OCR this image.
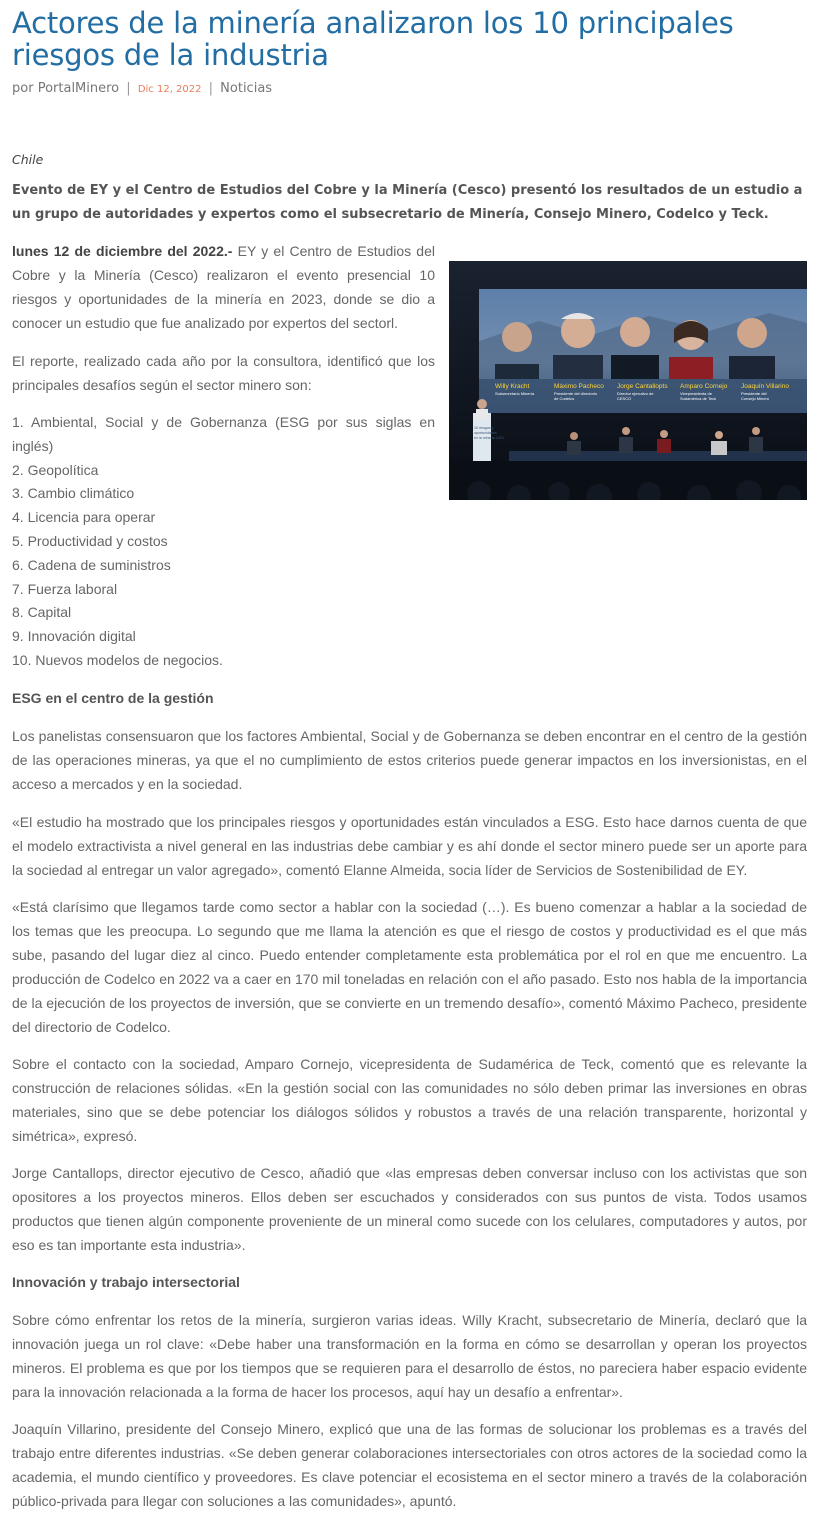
Actores de la minería analizaron los 10 principales riesgos de la industria
por PortalMinero | Dic 12, 2022 | Noticias
Chile

Evento de EY y el Centro de Estudios del Cobre y la Minería (Cesco) presentó los resultados de un estudio a un grupo de autoridades y expertos como el subsecretario de Minería, Consejo Minero, Codelco y Teck.

lunes 12 de diciembre del 2022.- EY y el Centro de Estudios del Cobre y la Minería (Cesco) realizaron el evento presencial 10 riesgos y oportunidades de la minería en 2023, donde se dio a conocer un estudio que fue analizado por expertos del sectorl.

El reporte, realizado cada año por la consultora, identificó que los principales desafíos según el sector minero son:

1. Ambiental, Social y de Gobernanza (ESG por sus siglas en inglés)
2. Geopolítica
3. Cambio climático
4. Licencia para operar
5. Productividad y costos
6. Cadena de suministros
7. Fuerza laboral
8. Capital
9. Innovación digital
10. Nuevos modelos de negocios.
Willy Kracht
Subsecretario Minería
Máximo Pacheco
Presidente del directorio
de Codelco
Jorge Cantallopts
Director ejecutivo de
CESCO
Amparo Cornejo
Vicepresidenta de
Sudamérica de Teck
Joaquín Villarino
Presidente del
Consejo Minero
10 riesgos y
oportunidades
en la minería 2023
ESG en el centro de la gestión

Los panelistas consensuaron que los factores Ambiental, Social y de Gobernanza se deben encontrar en el centro de la gestión de las operaciones mineras, ya que el no cumplimiento de estos criterios puede generar impactos en los inversionistas, en el acceso a mercados y en la sociedad.

«El estudio ha mostrado que los principales riesgos y oportunidades están vinculados a ESG. Esto hace darnos cuenta de que el modelo extractivista a nivel general en las industrias debe cambiar y es ahí donde el sector minero puede ser un aporte para la sociedad al entregar un valor agregado», comentó Elanne Almeida, socia líder de Servicios de Sostenibilidad de EY.

«Está clarísimo que llegamos tarde como sector a hablar con la sociedad (…). Es bueno comenzar a hablar a la sociedad de los temas que les preocupa. Lo segundo que me llama la atención es que el riesgo de costos y productividad es el que más sube, pasando del lugar diez al cinco. Puedo entender completamente esta problemática por el rol en que me encuentro. La producción de Codelco en 2022 va a caer en 170 mil toneladas en relación con el año pasado. Esto nos habla de la importancia de la ejecución de los proyectos de inversión, que se convierte en un tremendo desafío», comentó Máximo Pacheco, presidente del directorio de Codelco.

Sobre el contacto con la sociedad, Amparo Cornejo, vicepresidenta de Sudamérica de Teck, comentó que es relevante la construcción de relaciones sólidas. «En la gestión social con las comunidades no sólo deben primar las inversiones en obras materiales, sino que se debe potenciar los diálogos sólidos y robustos a través de una relación transparente, horizontal y simétrica», expresó.

Jorge Cantallops, director ejecutivo de Cesco, añadió que «las empresas deben conversar incluso con los activistas que son opositores a los proyectos mineros. Ellos deben ser escuchados y considerados con sus puntos de vista. Todos usamos productos que tienen algún componente proveniente de un mineral como sucede con los celulares, computadores y autos, por eso es tan importante esta industria».

Innovación y trabajo intersectorial

Sobre cómo enfrentar los retos de la minería, surgieron varias ideas. Willy Kracht, subsecretario de Minería, declaró que la innovación juega un rol clave: «Debe haber una transformación en la forma en cómo se desarrollan y operan los proyectos mineros. El problema es que por los tiempos que se requieren para el desarrollo de éstos, no pareciera haber espacio evidente para la innovación relacionada a la forma de hacer los procesos, aquí hay un desafío a enfrentar».

Joaquín Villarino, presidente del Consejo Minero, explicó que una de las formas de solucionar los problemas es a través del trabajo entre diferentes industrias. «Se deben generar colaboraciones intersectoriales con otros actores de la sociedad como la academia, el mundo científico y proveedores. Es clave potenciar el ecosistema en el sector minero a través de la colaboración público-privada para llegar con soluciones a las comunidades», apuntó.
